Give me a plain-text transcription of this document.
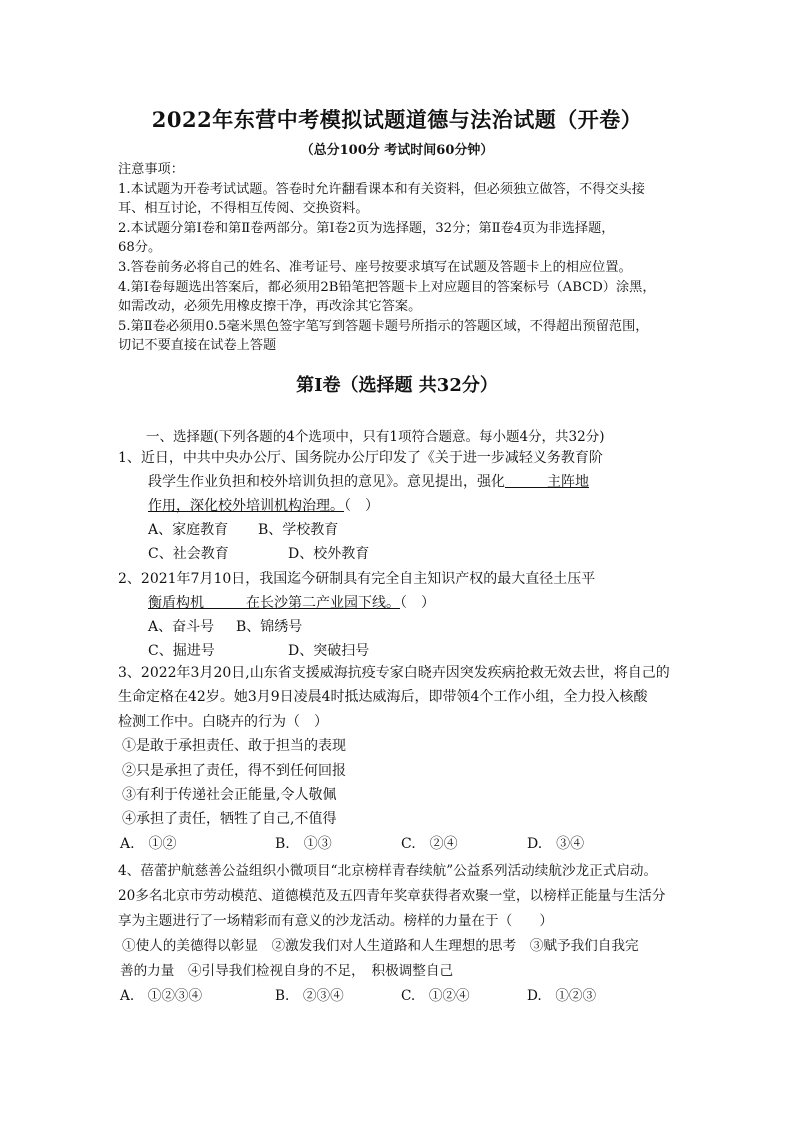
2022年东营中考模拟试题道德与法治试题（开卷）
（总分100分 考试时间60分钟）

注意事项：

1.本试题为开卷考试试题。答卷时允许翻看课本和有关资料，但必须独立做答，不得交头接

耳、相互讨论，不得相互传阅、交换资料。

2.本试题分第Ⅰ卷和第Ⅱ卷两部分。第Ⅰ卷2页为选择题，32分；第Ⅱ卷4页为非选择题，

68分。

3.答卷前务必将自己的姓名、准考证号、座号按要求填写在试题及答题卡上的相应位置。

4.第Ⅰ卷每题选出答案后，都必须用2B铅笔把答题卡上对应题目的答案标号（ABCD）涂黑，

如需改动，必须先用橡皮擦干净，再改涂其它答案。

5.第Ⅱ卷必须用0.5毫米黑色签字笔写到答题卡题号所指示的答题区域，不得超出预留范围，

切记不要直接在试卷上答题

第Ⅰ卷（选择题 共32分）
一、选择题(下列各题的4个选项中，只有1项符合题意。每小题4分，共32分)

1、近日，中共中央办公厅、国务院办公厅印发了《关于进一步减轻义务教育阶

段学生作业负担和校外培训负担的意见》。意见提出，强化＿＿＿主阵地

作用，深化校外培训机构治理。（　）

A、家庭教育	B、学校教育
C、社会教育	D、校外教育

2、2021年7月10日，我国迄今研制具有完全自主知识产权的最大直径土压平

衡盾构机＿＿＿在长沙第二产业园下线。（　）

A、奋斗号	B、锦绣号
C、掘进号	D、突破扫号

3、2022年3月20日,山东省支援威海抗疫专家白晓卉因突发疾病抢救无效去世，将自己的

生命定格在42岁。她3月9日凌晨4时抵达威海后，即带领4个工作小组，全力投入核酸

检测工作中。白晓卉的行为（　）

①是敢于承担责任、敢于担当的表现

②只是承担了责任，得不到任何回报

③有利于传递社会正能量,令人敬佩

④承担了责任，牺牲了自己,不值得

A.　①②	B.　①③	C.　②④	D.　③④

4、蓓蕾护航慈善公益组织小微项目“北京榜样青春续航”公益系列活动续航沙龙正式启动。

20多名北京市劳动模范、道德模范及五四青年奖章获得者欢聚一堂，以榜样正能量与生活分

享为主题进行了一场精彩而有意义的沙龙活动。榜样的力量在于（　　）

①使人的美德得以彰显　②激发我们对人生道路和人生理想的思考　③赋予我们自我完

善的力量　④引导我们检视自身的不足，　积极调整自己

A.　①②③④	B.　②③④	C.　①②④	D.　①②③
